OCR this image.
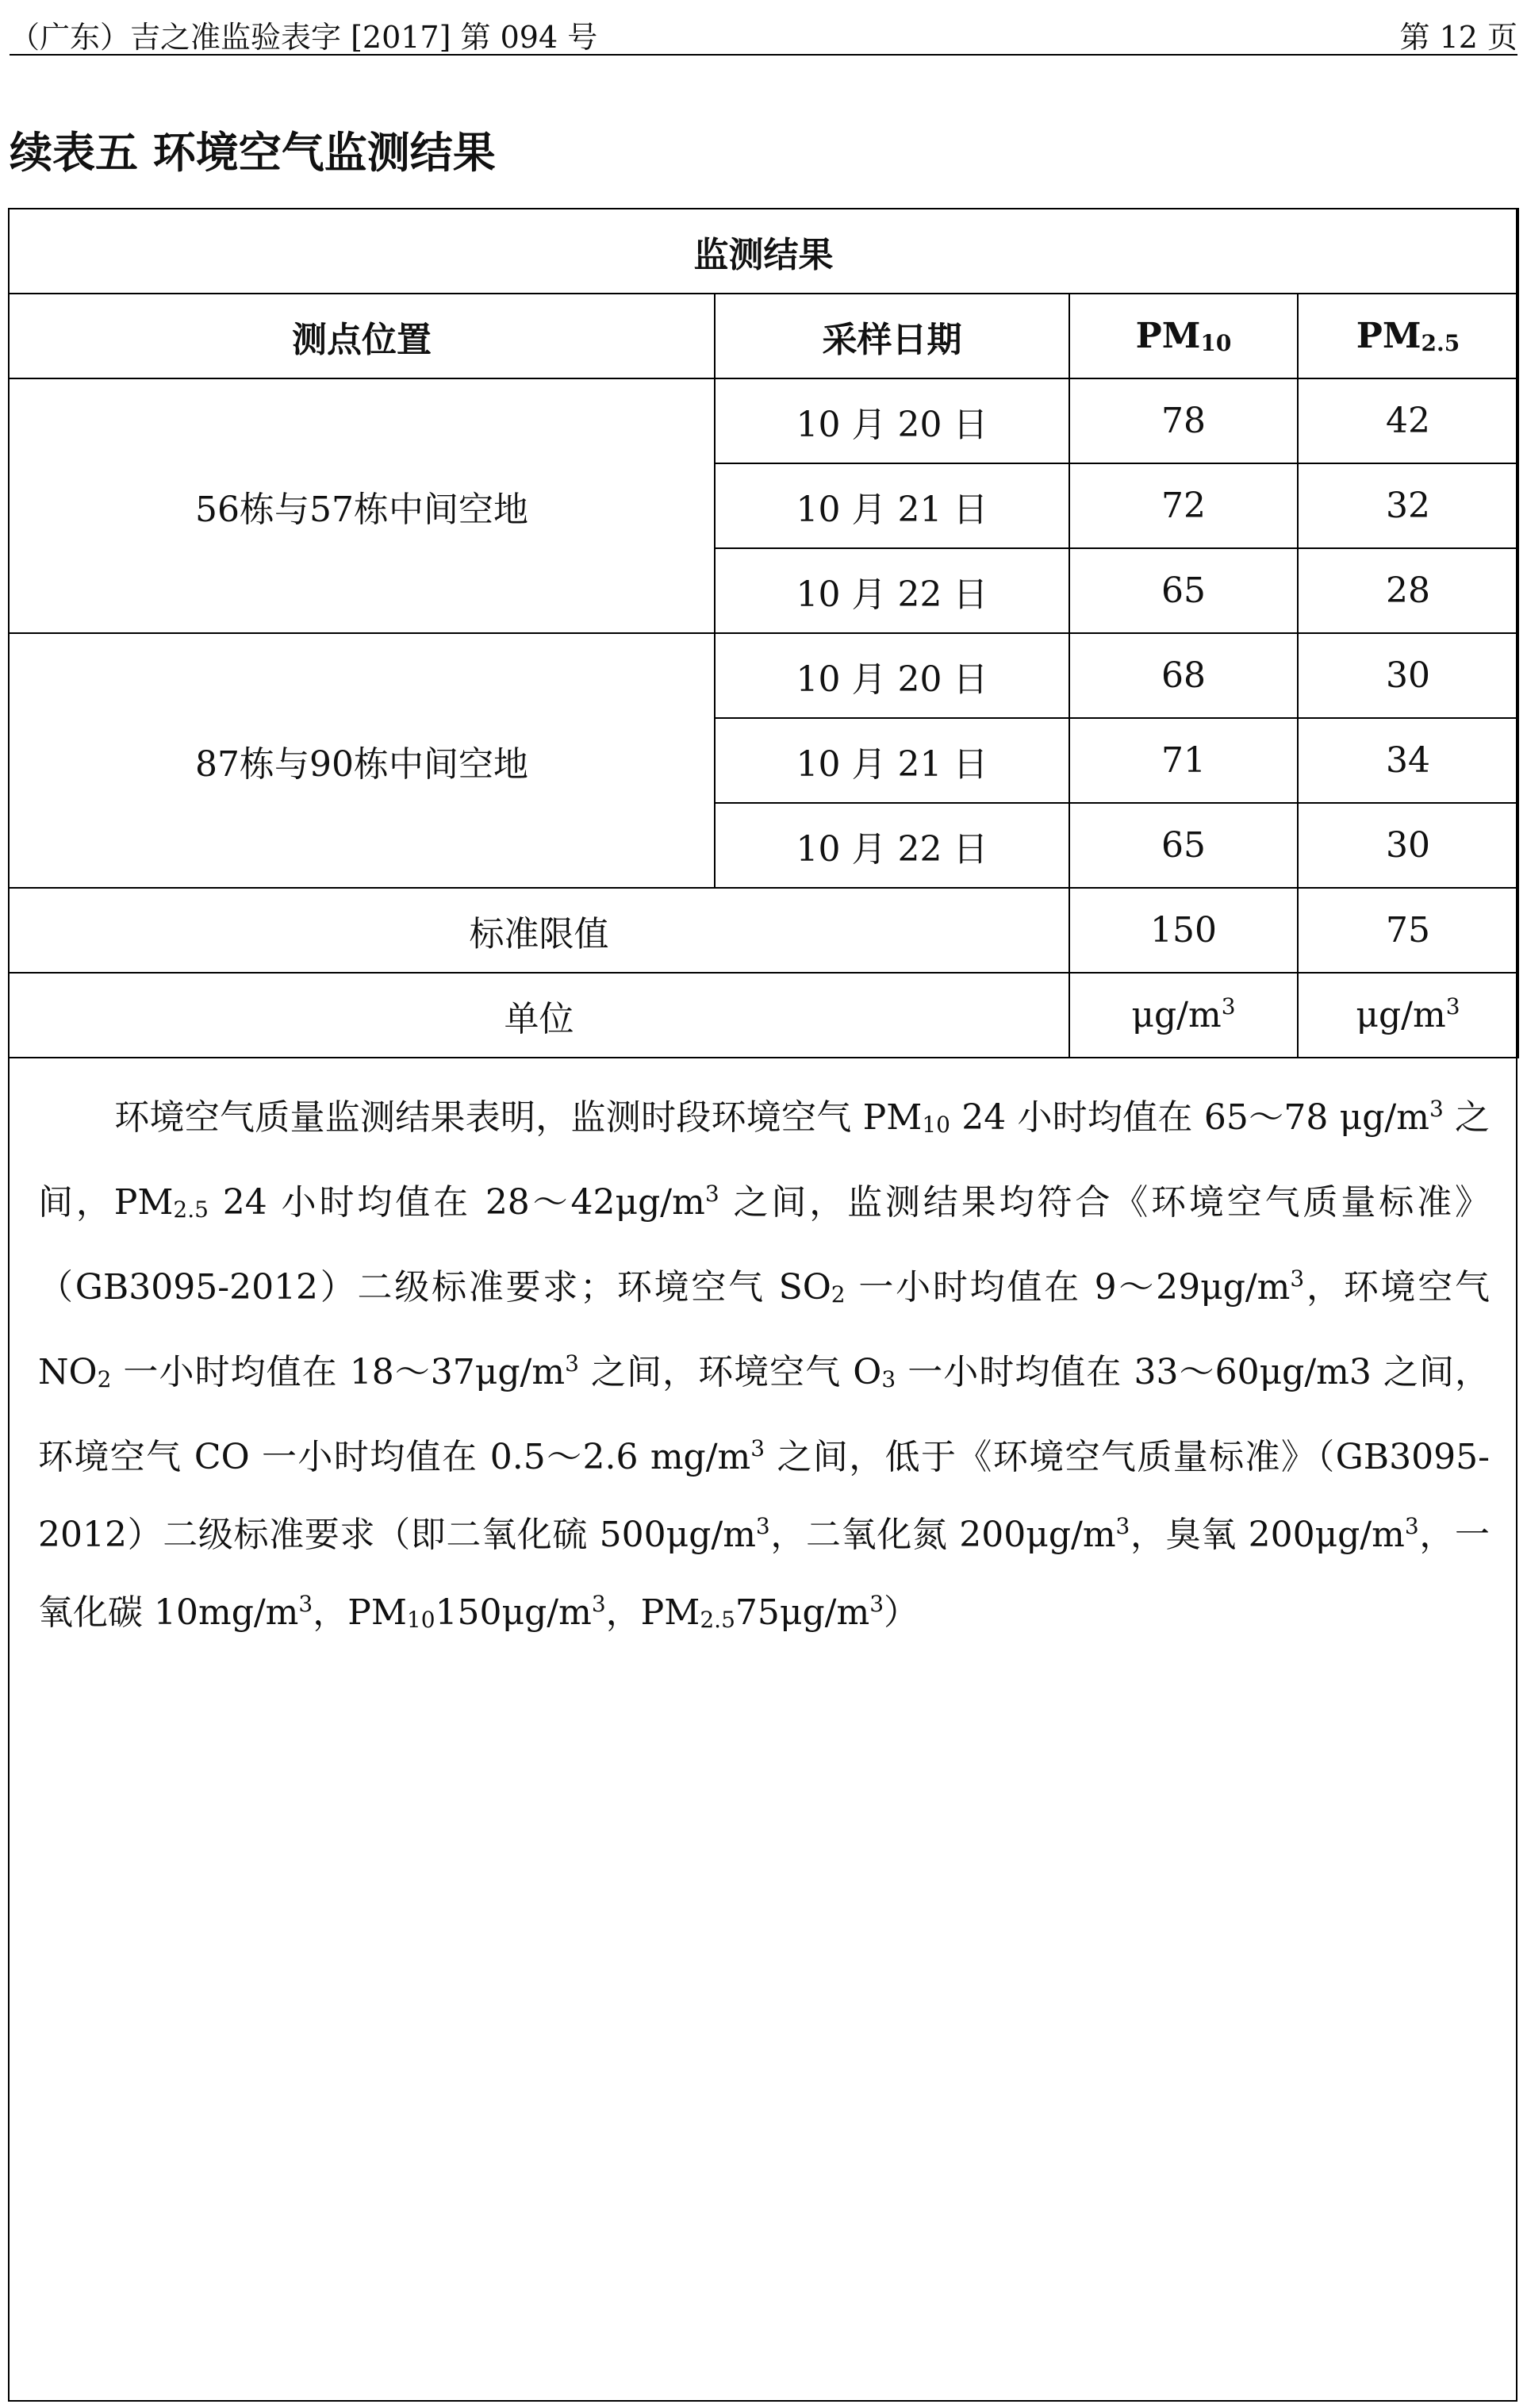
（广东）吉之准监验表字 [2017] 第 094 号	第 12 页
续表五 环境空气监测结果
监测结果			
测点位置	采样日期	$PM_{10}$	$PM_{2.5}$
56栋与57栋中间空地	10 月 20 日	78	42
	10 月 21 日	72	32
	10 月 22 日	65	28
87栋与90栋中间空地	10 月 20 日	68	30
	10 月 21 日	71	34
	10 月 22 日	65	30
标准限值		150	75
单位		$\mu g/m^3$	$\mu g/m^3$
环境空气质量监测结果表明，监测时段环境空气 $PM_{10}$ 24 小时均值在 65～78 $\mu g/m^3$ 之间，$PM_{2.5}$ 24 小时均值在 $28\sim 42\mu g/m^3$ 之间，监测结果均符合《环境空气质量标准》（GB3095-2012）二级标准要求；环境空气 $SO_2$ 一小时均值在 $9\sim 29\mu g/m^3$，环境空气 $NO_2$ 一小时均值在 $18\sim 37\mu g/m^3$ 之间，环境空气 $O_3$ 一小时均值在 33～60μg/m3 之间，环境空气 CO 一小时均值在 0.5～2.6 $mg/m^3$ 之间，低于《环境空气质量标准》（GB3095-2012）二级标准要求（即二氧化硫 $500\mu g/m^3$，二氧化氮 $200\mu g/m^3$，臭氧 $200\mu g/m^3$，一氧化碳 $10mg/m^3$，$PM_{10}150\mu g/m^3$，$PM_{2.5}75\mu g/m^3$）
